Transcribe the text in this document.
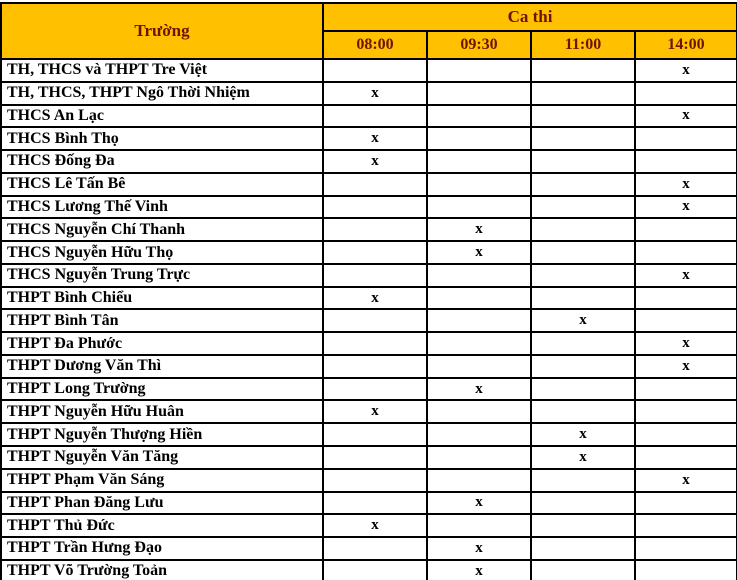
Trường	Ca thi			
	08:00	09:30	11:00	14:00
TH, THCS và THPT Tre Việt				x
TH, THCS, THPT Ngô Thời Nhiệm	x			
THCS An Lạc				x
THCS Bình Thọ	x			
THCS Đống Đa	x			
THCS Lê Tấn Bê				x
THCS Lương Thế Vinh				x
THCS Nguyễn Chí Thanh		x		
THCS Nguyễn Hữu Thọ		x		
THCS Nguyễn Trung Trực				x
THPT Bình Chiểu	x			
THPT Bình Tân			x	
THPT Đa Phước				x
THPT Dương Văn Thì				x
THPT Long Trường		x		
THPT Nguyễn Hữu Huân	x			
THPT Nguyễn Thượng Hiền			x	
THPT Nguyễn Văn Tăng			x	
THPT Phạm Văn Sáng				x
THPT Phan Đăng Lưu		x		
THPT Thủ Đức	x			
THPT Trần Hưng Đạo		x		
THPT Võ Trường Toản		x		
